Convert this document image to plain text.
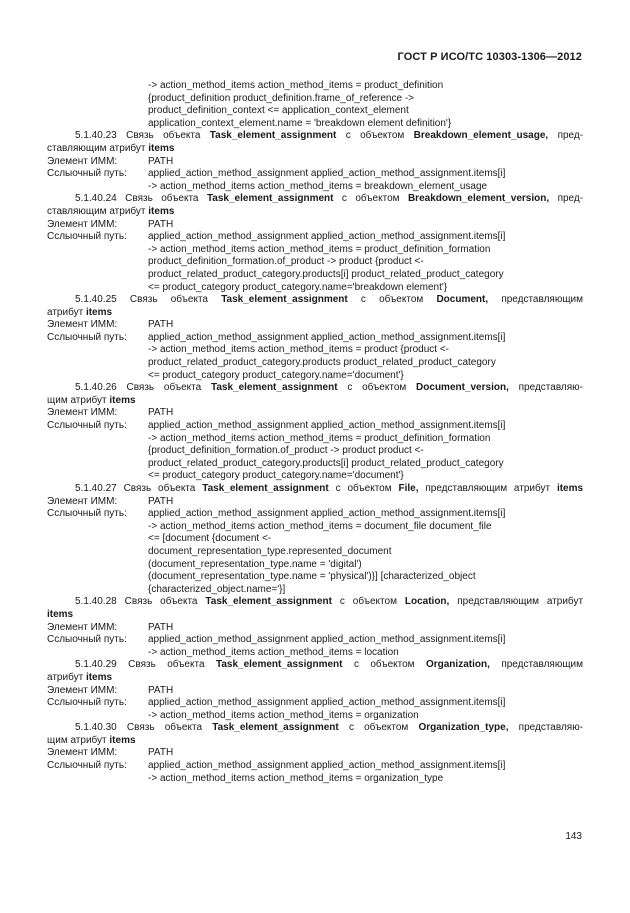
ГОСТ Р ИСО/ТС 10303-1306—2012
-> action_method_items action_method_items = product_definition
{product_definition product_definition.frame_of_reference ->
product_definition_context <= application_context_element
application_context_element.name = 'breakdown element definition'}
5.1.40.23 Связь объекта Task_element_assignment с объектом Breakdown_element_usage, пред-
ставляющим атрибут items
Элемент ИММ:	PATH
Сслыочный путь: applied_action_method_assignment applied_action_method_assignment.items[i]
-> action_method_items action_method_items = breakdown_element_usage
5.1.40.24 Связь объекта Task_element_assignment с объектом Breakdown_element_version, пред-
ставляющим атрибут items
Элемент ИММ:	PATH
Сслыочный путь: applied_action_method_assignment applied_action_method_assignment.items[i]
-> action_method_items action_method_items = product_definition_formation
product_definition_formation.of_product -> product {product <-
product_related_product_category.products[i] product_related_product_category
<= product_category product_category.name='breakdown element'}
5.1.40.25 Связь объекта Task_element_assignment с объектом Document, представляющим
атрибут items
Элемент ИММ:	PATH
Сслыочный путь: applied_action_method_assignment applied_action_method_assignment.items[i]
-> action_method_items action_method_items = product {product <-
product_related_product_category.products product_related_product_category
<= product_category product_category.name='document'}
5.1.40.26 Связь объекта Task_element_assignment с объектом Document_version, представляю-
щим атрибут items
Элемент ИММ:	PATH
Сслыочный путь: applied_action_method_assignment applied_action_method_assignment.items[i]
-> action_method_items action_method_items = product_definition_formation
{product_definition_formation.of_product -> product product <-
product_related_product_category.products[i] product_related_product_category
<= product_category product_category.name='document'}
5.1.40.27 Связь объекта Task_element_assignment с объектом File, представляющим атрибут items
Элемент ИММ:	PATH
Сслыочный путь: applied_action_method_assignment applied_action_method_assignment.items[i]
-> action_method_items action_method_items = document_file document_file
<= [document {document <-
document_representation_type.represented_document
(document_representation_type.name = 'digital')
(document_representation_type.name = 'physical')}] [characterized_object
{characterized_object.name='}]
5.1.40.28 Связь объекта Task_element_assignment с объектом Location, представляющим атрибут
items
Элемент ИММ:	PATH
Сслыочный путь: applied_action_method_assignment applied_action_method_assignment.items[i]
-> action_method_items action_method_items = location
5.1.40.29 Связь объекта Task_element_assignment с объектом Organization, представляющим
атрибут items
Элемент ИММ:	PATH
Сслыочный путь: applied_action_method_assignment applied_action_method_assignment.items[i]
-> action_method_items action_method_items = organization
5.1.40.30 Связь объекта Task_element_assignment с объектом Organization_type, представляю-
щим атрибут items
Элемент ИММ:	PATH
Сслыочный путь: applied_action_method_assignment applied_action_method_assignment.items[i]
-> action_method_items action_method_items = organization_type
143
